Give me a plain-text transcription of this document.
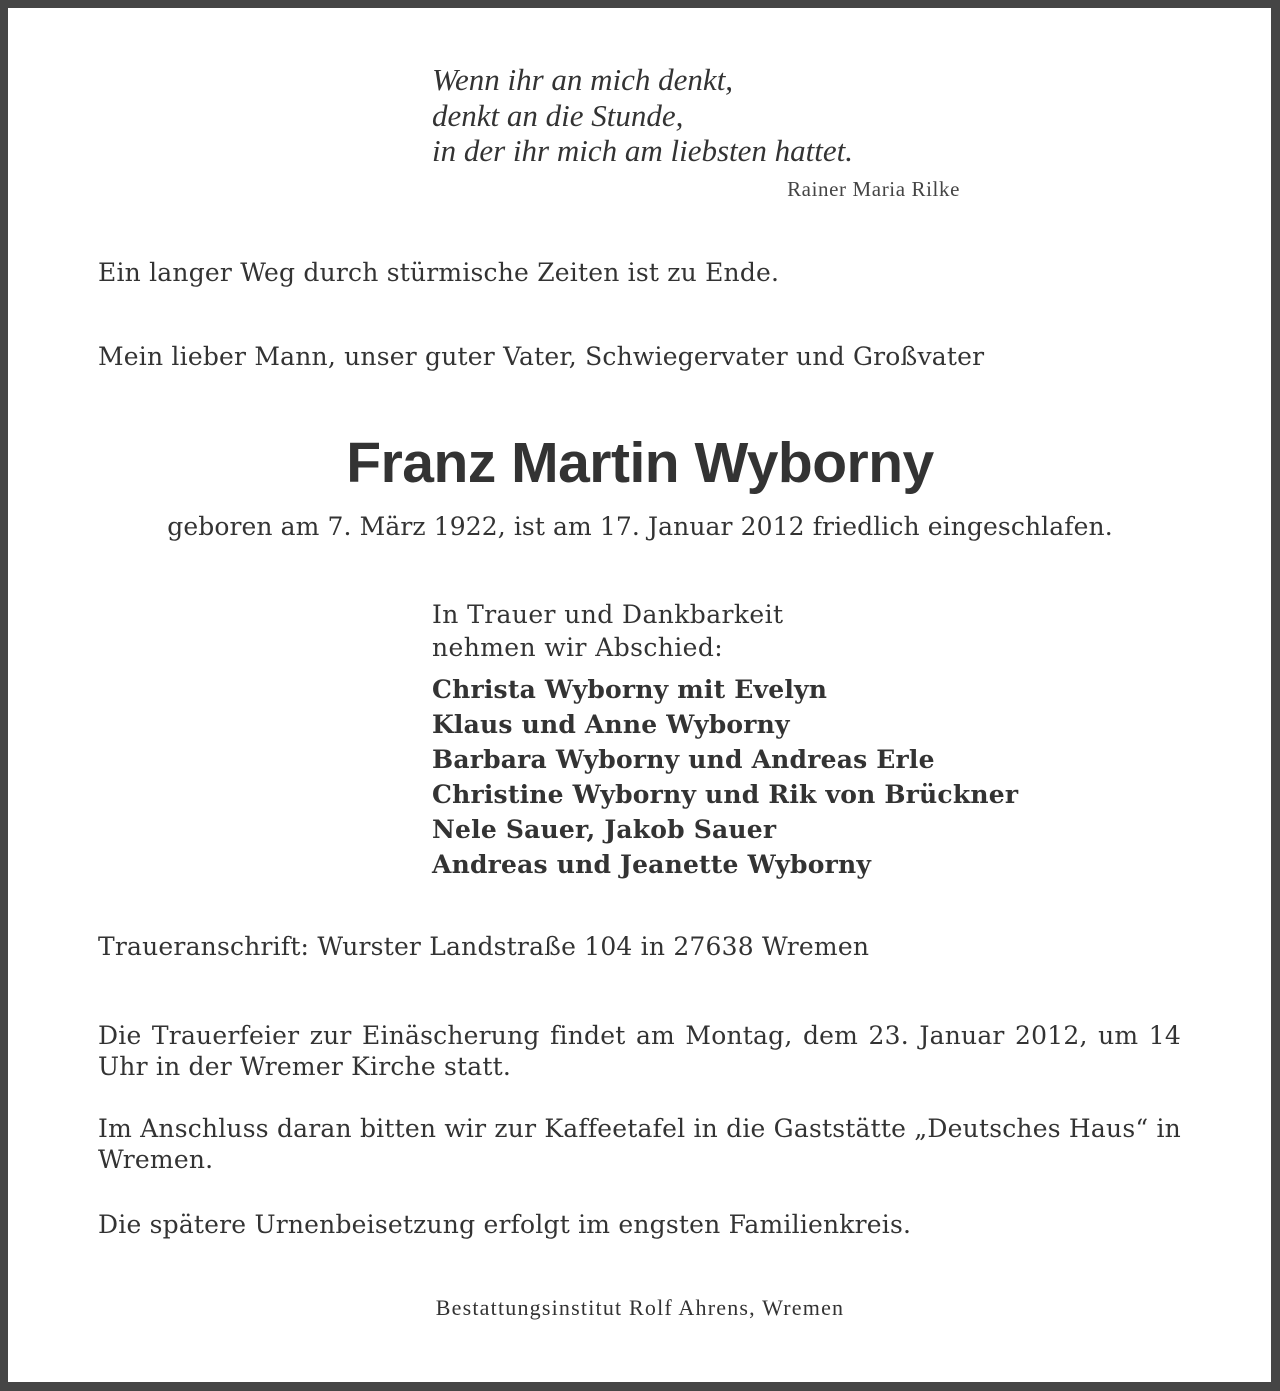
Wenn ihr an mich denkt,
denkt an die Stunde,
in der ihr mich am liebsten hattet.
Rainer Maria Rilke

Ein langer Weg durch stürmische Zeiten ist zu Ende.

Mein lieber Mann, unser guter Vater, Schwiegervater und Großvater

Franz Martin Wyborny

geboren am 7. März 1922, ist am 17. Januar 2012 friedlich eingeschlafen.

In Trauer und Dankbarkeit
nehmen wir Abschied:
Christa Wyborny mit Evelyn
Klaus und Anne Wyborny
Barbara Wyborny und Andreas Erle
Christine Wyborny und Rik von Brückner
Nele Sauer, Jakob Sauer
Andreas und Jeanette Wyborny

Traueranschrift: Wurster Landstraße 104 in 27638 Wremen

Die Trauerfeier zur Einäscherung findet am Montag, dem 23. Januar 2012, um 14 Uhr in der Wremer Kirche statt.

Im Anschluss daran bitten wir zur Kaffeetafel in die Gaststätte „Deutsches Haus“ in Wremen.

Die spätere Urnenbeisetzung erfolgt im engsten Familienkreis.

Bestattungsinstitut Rolf Ahrens, Wremen
